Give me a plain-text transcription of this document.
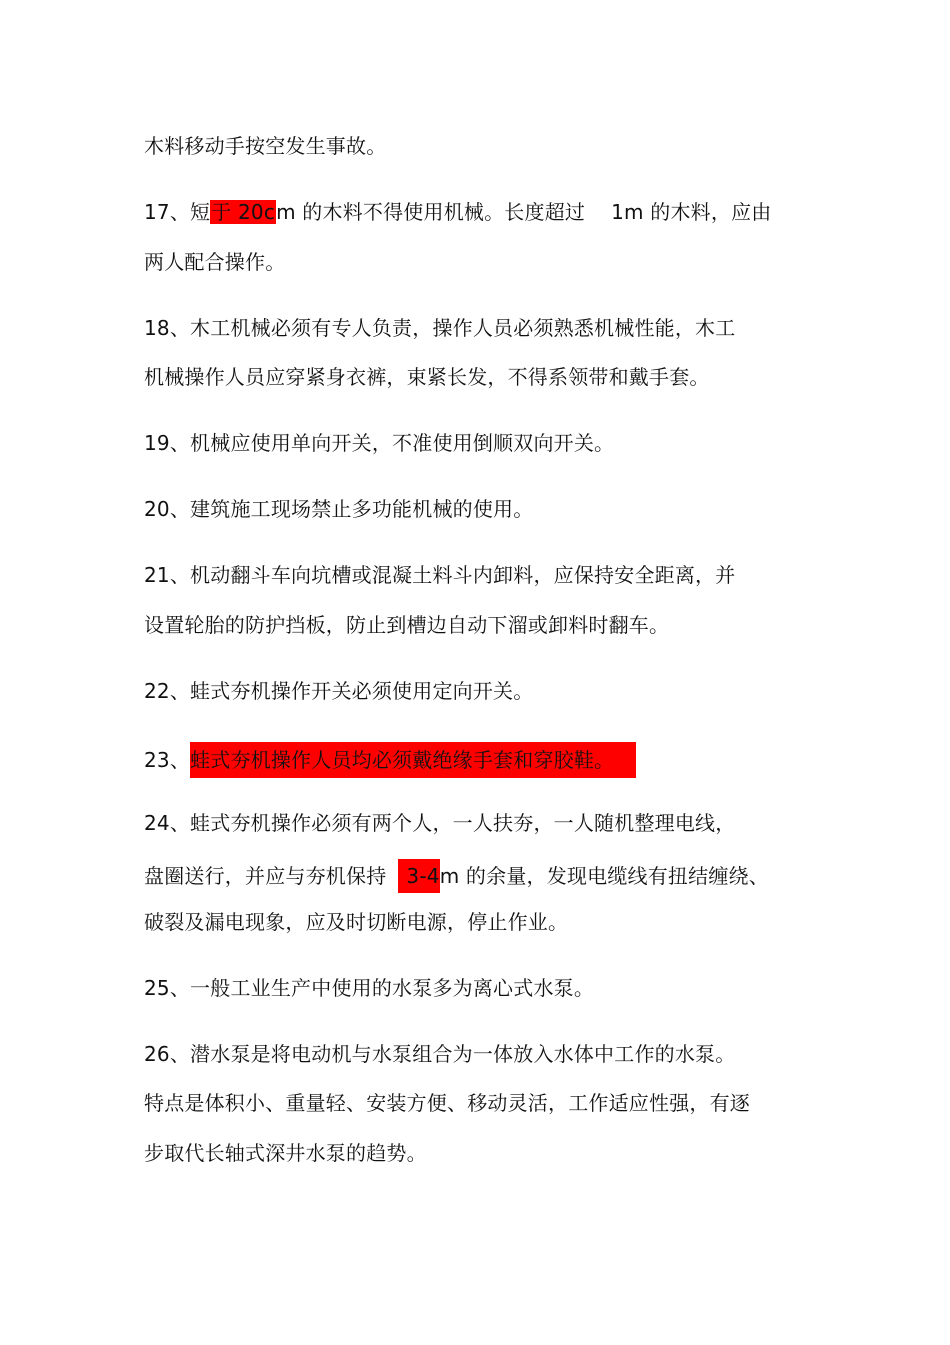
木料移动手按空发生事故。
17、短于 20cm 的木料不得使用机械。长度超过 1m 的木料，应由
两人配合操作。
18、木工机械必须有专人负责，操作人员必须熟悉机械性能，木工
机械操作人员应穿紧身衣裤，束紧长发，不得系领带和戴手套。
19、机械应使用单向开关，不准使用倒顺双向开关。
20、建筑施工现场禁止多功能机械的使用。
21、机动翻斗车向坑槽或混凝土料斗内卸料，应保持安全距离，并
设置轮胎的防护挡板，防止到槽边自动下溜或卸料时翻车。
22、蛙式夯机操作开关必须使用定向开关。
23、蛙式夯机操作人员均必须戴绝缘手套和穿胶鞋。
24、蛙式夯机操作必须有两个人，一人扶夯，一人随机整理电线，
盘圈送行，并应与夯机保持 3-4m 的余量，发现电缆线有扭结缠绕、
破裂及漏电现象，应及时切断电源，停止作业。
25、一般工业生产中使用的水泵多为离心式水泵。
26、潜水泵是将电动机与水泵组合为一体放入水体中工作的水泵。
特点是体积小、重量轻、安装方便、移动灵活，工作适应性强，有逐
步取代长轴式深井水泵的趋势。
